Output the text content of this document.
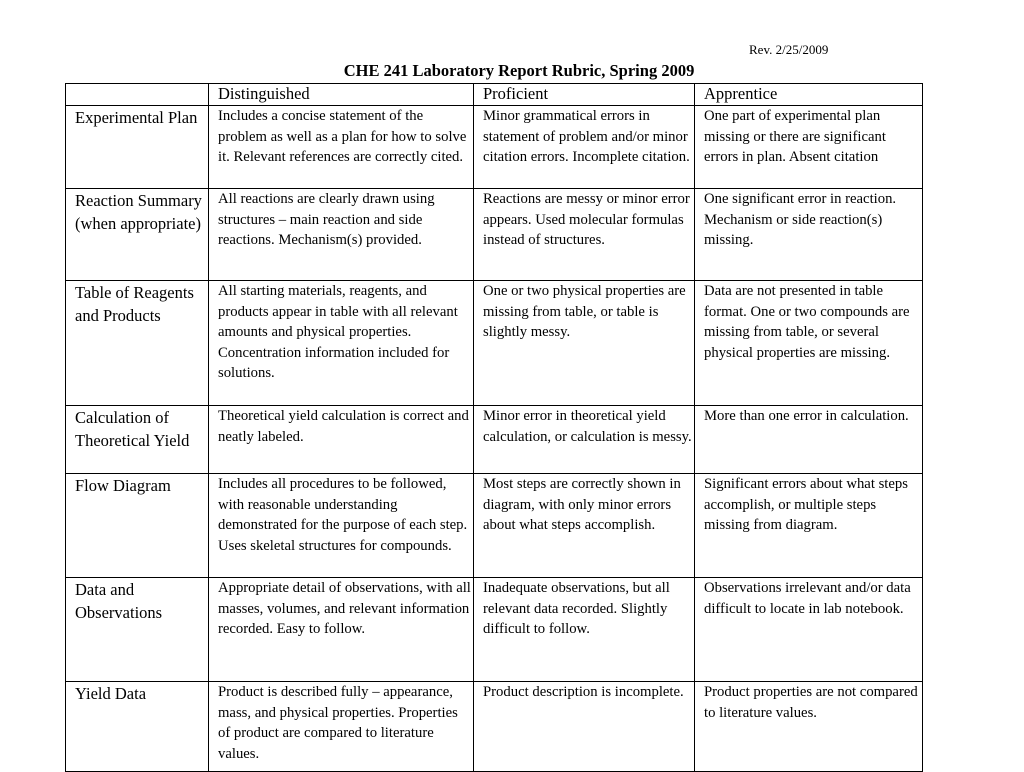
Rev. 2/25/2009
CHE 241 Laboratory Report Rubric, Spring 2009
	Distinguished	Proficient	Apprentice
Experimental Plan	Includes a concise statement of the problem as well as a plan for how to solve it. Relevant references are correctly cited.	Minor grammatical errors in statement of problem and/or minor citation errors. Incomplete citation.	One part of experimental plan missing or there are significant errors in plan. Absent citation
Reaction Summary (when appropriate)	All reactions are clearly drawn using structures – main reaction and side reactions. Mechanism(s) provided.	Reactions are messy or minor error appears. Used molecular formulas instead of structures.	One significant error in reaction. Mechanism or side reaction(s) missing.
Table of Reagents and Products	All starting materials, reagents, and products appear in table with all relevant amounts and physical properties. Concentration information included for solutions.	One or two physical properties are missing from table, or table is slightly messy.	Data are not presented in table format. One or two compounds are missing from table, or several physical properties are missing.
Calculation of Theoretical Yield	Theoretical yield calculation is correct and neatly labeled.	Minor error in theoretical yield calculation, or calculation is messy.	More than one error in calculation.
Flow Diagram	Includes all procedures to be followed, with reasonable understanding demonstrated for the purpose of each step. Uses skeletal structures for compounds.	Most steps are correctly shown in diagram, with only minor errors about what steps accomplish.	Significant errors about what steps accomplish, or multiple steps missing from diagram.
Data and Observations	Appropriate detail of observations, with all masses, volumes, and relevant information recorded. Easy to follow.	Inadequate observations, but all relevant data recorded. Slightly difficult to follow.	Observations irrelevant and/or data difficult to locate in lab notebook.
Yield Data	Product is described fully – appearance, mass, and physical properties. Properties of product are compared to literature values.	Product description is incomplete.	Product properties are not compared to literature values.
